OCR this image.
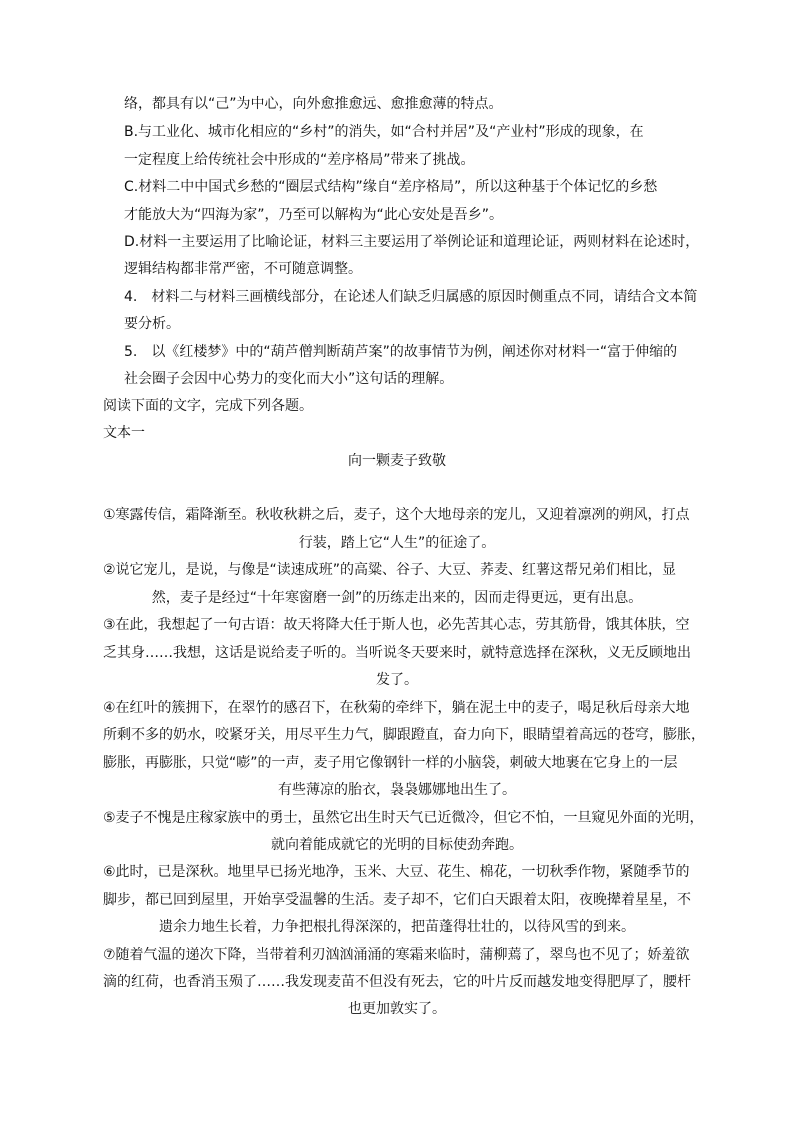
络，都具有以“己”为中心，向外愈推愈远、愈推愈薄的特点。
B.与工业化、城市化相应的“乡村”的消失，如“合村并居”及“产业村”形成的现象，在
一定程度上给传统社会中形成的“差序格局”带来了挑战。
C.材料二中中国式乡愁的“圈层式结构”缘自“差序格局”，所以这种基于个体记忆的乡愁
才能放大为“四海为家”，乃至可以解构为“此心安处是吾乡”。
D.材料一主要运用了比喻论证，材料三主要运用了举例论证和道理论证，两则材料在论述时，
逻辑结构都非常严密，不可随意调整。
4.　材料二与材料三画横线部分，在论述人们缺乏归属感的原因时侧重点不同，请结合文本简
要分析。
5.　以《红楼梦》中的“葫芦僧判断葫芦案”的故事情节为例，阐述你对材料一“富于伸缩的
社会圈子会因中心势力的变化而大小”这句话的理解。
阅读下面的文字，完成下列各题。
文本一
向一颗麦子致敬
①寒露传信，霜降渐至。秋收秋耕之后，麦子，这个大地母亲的宠儿，又迎着凛冽的朔风，打点
行装，踏上它“人生”的征途了。
②说它宠儿，是说，与像是“读速成班”的高粱、谷子、大豆、荞麦、红薯这帮兄弟们相比，显
然，麦子是经过“十年寒窗磨一剑”的历练走出来的，因而走得更远，更有出息。
③在此，我想起了一句古语：故天将降大任于斯人也，必先苦其心志，劳其筋骨，饿其体肤，空
乏其身……我想，这话是说给麦子听的。当听说冬天要来时，就特意选择在深秋，义无反顾地出
发了。
④在红叶的簇拥下，在翠竹的感召下，在秋菊的牵绊下，躺在泥土中的麦子，喝足秋后母亲大地
所剩不多的奶水，咬紧牙关，用尽平生力气，脚跟蹬直，奋力向下，眼睛望着高远的苍穹，膨胀，
膨胀，再膨胀，只觉“嘭”的一声，麦子用它像钢针一样的小脑袋，刺破大地裹在它身上的一层
有些薄凉的胎衣，袅袅娜娜地出生了。
⑤麦子不愧是庄稼家族中的勇士，虽然它出生时天气已近微冷，但它不怕，一旦窥见外面的光明，
就向着能成就它的光明的目标使劲奔跑。
⑥此时，已是深秋。地里早已扬光地净，玉米、大豆、花生、棉花，一切秋季作物，紧随季节的
脚步，都已回到屋里，开始享受温馨的生活。麦子却不，它们白天跟着太阳，夜晚撵着星星，不
遗余力地生长着，力争把根扎得深深的，把苗蓬得壮壮的，以待风雪的到来。
⑦随着气温的递次下降，当带着利刃汹汹涌涌的寒霜来临时，蒲柳蔫了，翠鸟也不见了；娇羞欲
滴的红荷，也香消玉殒了……我发现麦苗不但没有死去，它的叶片反而越发地变得肥厚了，腰杆
也更加敦实了。
